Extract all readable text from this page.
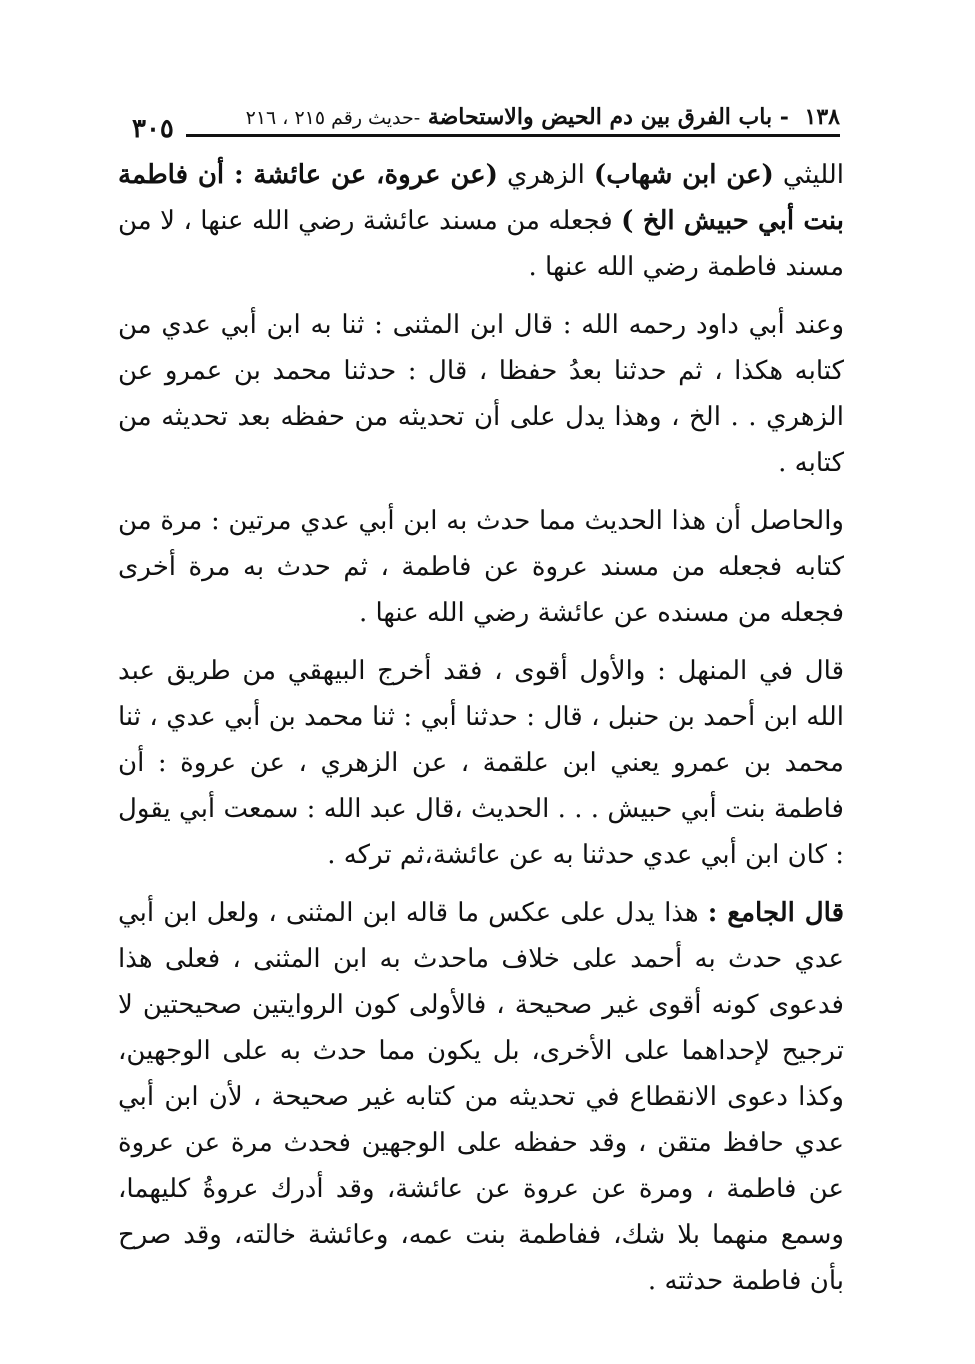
١٣٨ - باب الفرق بين دم الحيض والاستحاضة -حديث رقم ٢١٥ ، ٢١٦
٣٠٥

الليثي (عن ابن شهاب) الزهري (عن عروة، عن عائشة : أن فاطمة بنت أبي حبيش الخ ) فجعله من مسند عائشة رضي الله عنها ، لا من مسند فاطمة رضي الله عنها .

وعند أبي داود رحمه الله : قال ابن المثنى : ثنا به ابن أبي عدي من كتابه هكذا ، ثم حدثنا بعدُ حفظا ، قال : حدثنا محمد بن عمرو عن الزهري . . الخ ، وهذا يدل على أن تحديثه من حفظه بعد تحديثه من كتابه .

والحاصل أن هذا الحديث مما حدث به ابن أبي عدي مرتين : مرة من كتابه فجعله من مسند عروة عن فاطمة ، ثم حدث به مرة أخرى فجعله من مسنده عن عائشة رضي الله عنها .

قال في المنهل : والأول أقوى ، فقد أخرج البيهقي من طريق عبد الله ابن أحمد بن حنبل ، قال : حدثنا أبي : ثنا محمد بن أبي عدي ، ثنا محمد بن عمرو يعني ابن علقمة ، عن الزهري ، عن عروة : أن فاطمة بنت أبي حبيش . . . الحديث ،قال عبد الله : سمعت أبي يقول : كان ابن أبي عدي حدثنا به عن عائشة،ثم تركه .

قال الجامع : هذا يدل على عكس ما قاله ابن المثنى ، ولعل ابن أبي عدي حدث به أحمد على خلاف ماحدث به ابن المثنى ، فعلى هذا فدعوى كونه أقوى غير صحيحة ، فالأولى كون الروايتين صحيحتين لا ترجيح لإحداهما على الأخرى، بل يكون مما حدث به على الوجهين، وكذا دعوى الانقطاع في تحديثه من كتابه غير صحيحة ، لأن ابن أبي عدي حافظ متقن ، وقد حفظه على الوجهين فحدث مرة عن عروة عن فاطمة ، ومرة عن عروة عن عائشة، وقد أدرك عروةُ كليهما، وسمع منهما بلا شك، ففاطمة بنت عمه، وعائشة خالته، وقد صرح بأن فاطمة حدثته .
